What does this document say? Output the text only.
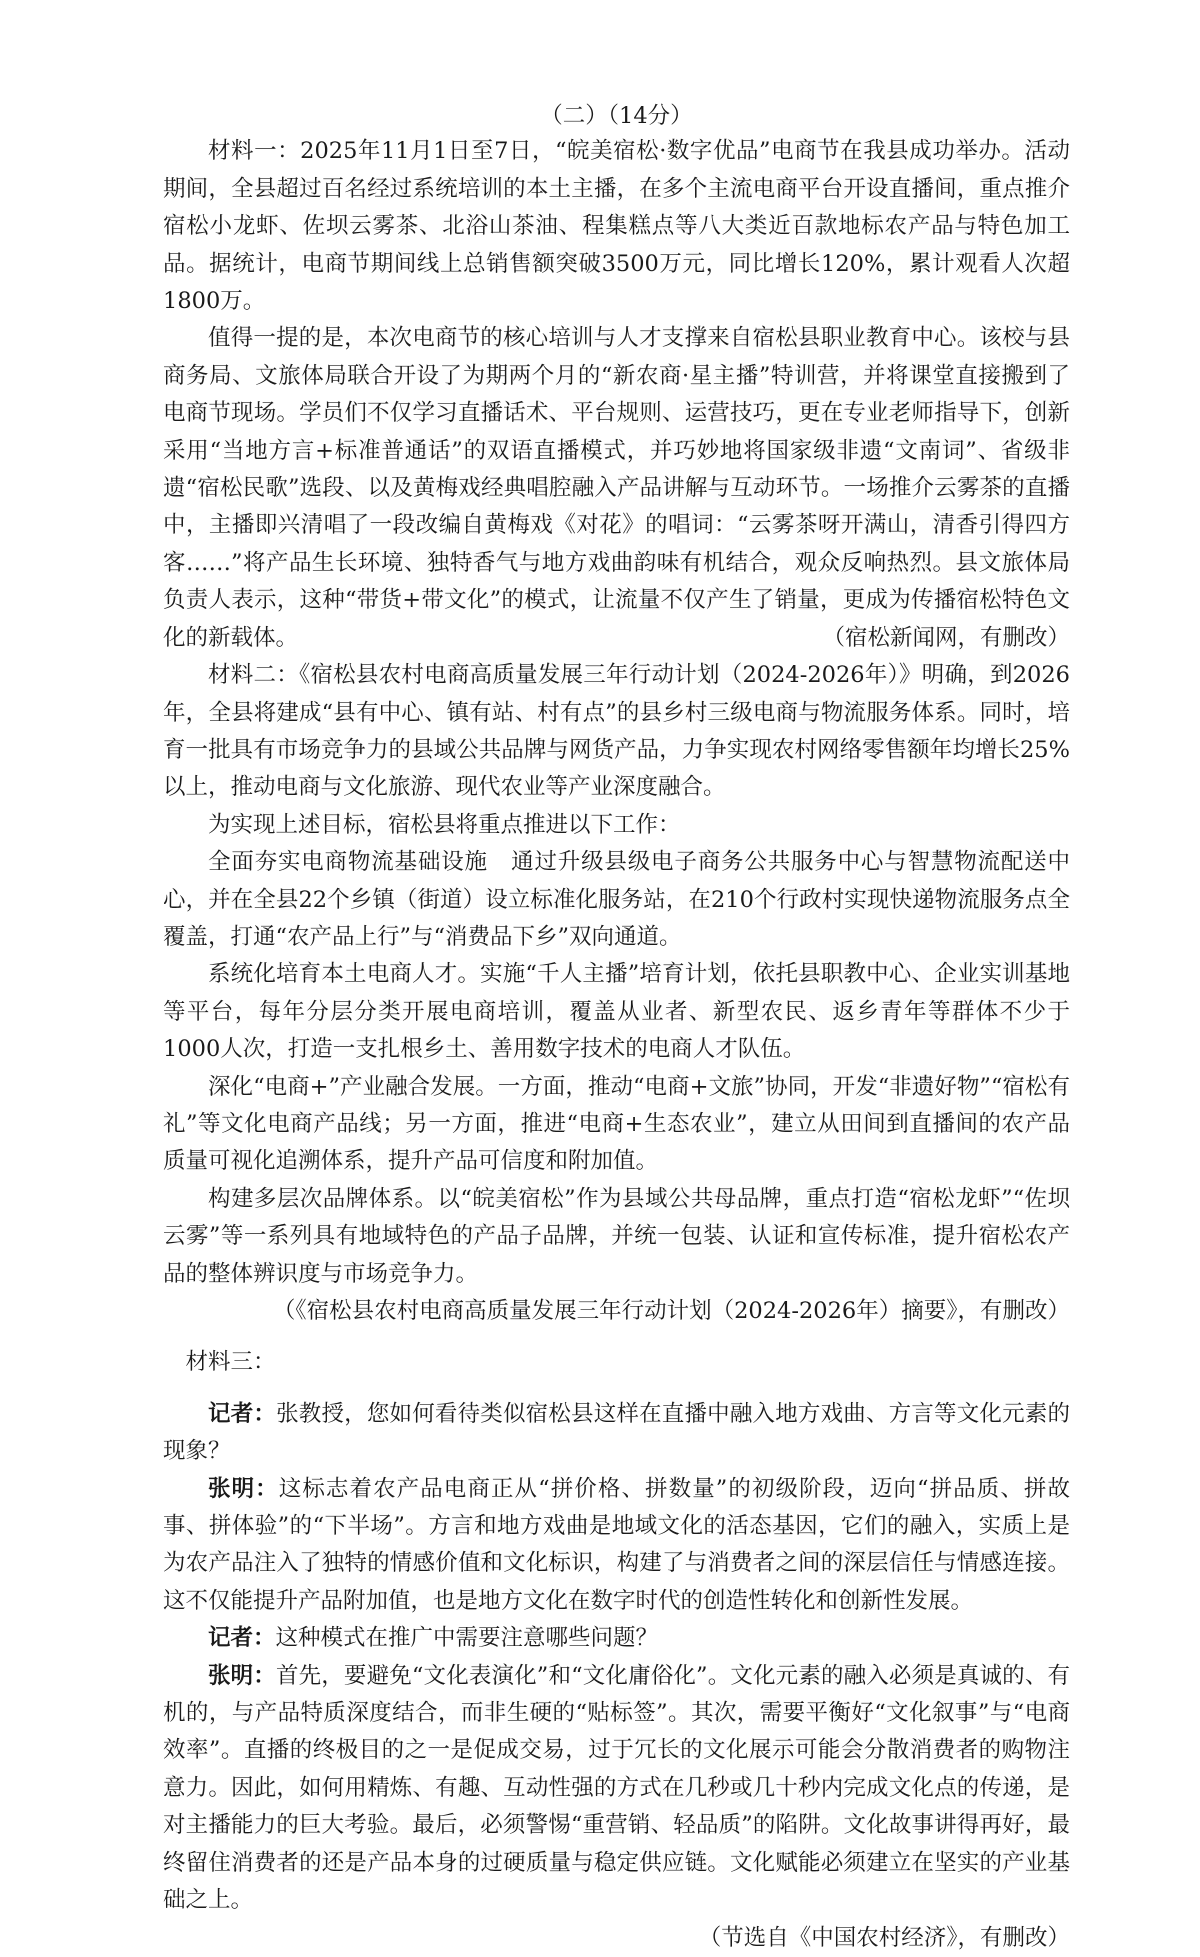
（二）（14分）

材料一：2025年11月1日至7日，“皖美宿松·数字优品”电商节在我县成功举办。活动期间，全县超过百名经过系统培训的本土主播，在多个主流电商平台开设直播间，重点推介宿松小龙虾、佐坝云雾茶、北浴山茶油、程集糕点等八大类近百款地标农产品与特色加工品。据统计，电商节期间线上总销售额突破3500万元，同比增长120%，累计观看人次超1800万。

值得一提的是，本次电商节的核心培训与人才支撑来自宿松县职业教育中心。该校与县商务局、文旅体局联合开设了为期两个月的“新农商·星主播”特训营，并将课堂直接搬到了电商节现场。学员们不仅学习直播话术、平台规则、运营技巧，更在专业老师指导下，创新采用“当地方言+标准普通话”的双语直播模式，并巧妙地将国家级非遗“文南词”、省级非遗“宿松民歌”选段、以及黄梅戏经典唱腔融入产品讲解与互动环节。一场推介云雾茶的直播中，主播即兴清唱了一段改编自黄梅戏《对花》的唱词：“云雾茶呀开满山，清香引得四方客……”将产品生长环境、独特香气与地方戏曲韵味有机结合，观众反响热烈。县文旅体局负责人表示，这种“带货+带文化”的模式，让流量不仅产生了销量，更成为传播宿松特色文化的新载体。	（宿松新闻网，有删改）

材料二：《宿松县农村电商高质量发展三年行动计划（2024-2026年）》明确，到2026年，全县将建成“县有中心、镇有站、村有点”的县乡村三级电商与物流服务体系。同时，培育一批具有市场竞争力的县域公共品牌与网货产品，力争实现农村网络零售额年均增长25%以上，推动电商与文化旅游、现代农业等产业深度融合。

为实现上述目标，宿松县将重点推进以下工作：

全面夯实电商物流基础设施　通过升级县级电子商务公共服务中心与智慧物流配送中心，并在全县22个乡镇（街道）设立标准化服务站，在210个行政村实现快递物流服务点全覆盖，打通“农产品上行”与“消费品下乡”双向通道。

系统化培育本土电商人才。实施“千人主播”培育计划，依托县职教中心、企业实训基地等平台，每年分层分类开展电商培训，覆盖从业者、新型农民、返乡青年等群体不少于1000人次，打造一支扎根乡土、善用数字技术的电商人才队伍。

深化“电商+”产业融合发展。一方面，推动“电商+文旅”协同，开发“非遗好物”“宿松有礼”等文化电商产品线；另一方面，推进“电商+生态农业”，建立从田间到直播间的农产品质量可视化追溯体系，提升产品可信度和附加值。

构建多层次品牌体系。以“皖美宿松”作为县域公共母品牌，重点打造“宿松龙虾”“佐坝云雾”等一系列具有地域特色的产品子品牌，并统一包装、认证和宣传标准，提升宿松农产品的整体辨识度与市场竞争力。

（《宿松县农村电商高质量发展三年行动计划（2024-2026年）摘要》，有删改）

材料三：

记者：张教授，您如何看待类似宿松县这样在直播中融入地方戏曲、方言等文化元素的现象？

张明：这标志着农产品电商正从“拼价格、拼数量”的初级阶段，迈向“拼品质、拼故事、拼体验”的“下半场”。方言和地方戏曲是地域文化的活态基因，它们的融入，实质上是为农产品注入了独特的情感价值和文化标识，构建了与消费者之间的深层信任与情感连接。这不仅能提升产品附加值，也是地方文化在数字时代的创造性转化和创新性发展。

记者：这种模式在推广中需要注意哪些问题？

张明：首先，要避免“文化表演化”和“文化庸俗化”。文化元素的融入必须是真诚的、有机的，与产品特质深度结合，而非生硬的“贴标签”。其次，需要平衡好“文化叙事”与“电商效率”。直播的终极目的之一是促成交易，过于冗长的文化展示可能会分散消费者的购物注意力。因此，如何用精炼、有趣、互动性强的方式在几秒或几十秒内完成文化点的传递，是对主播能力的巨大考验。最后，必须警惕“重营销、轻品质”的陷阱。文化故事讲得再好，最终留住消费者的还是产品本身的过硬质量与稳定供应链。文化赋能必须建立在坚实的产业基础之上。

（节选自《中国农村经济》，有删改）
